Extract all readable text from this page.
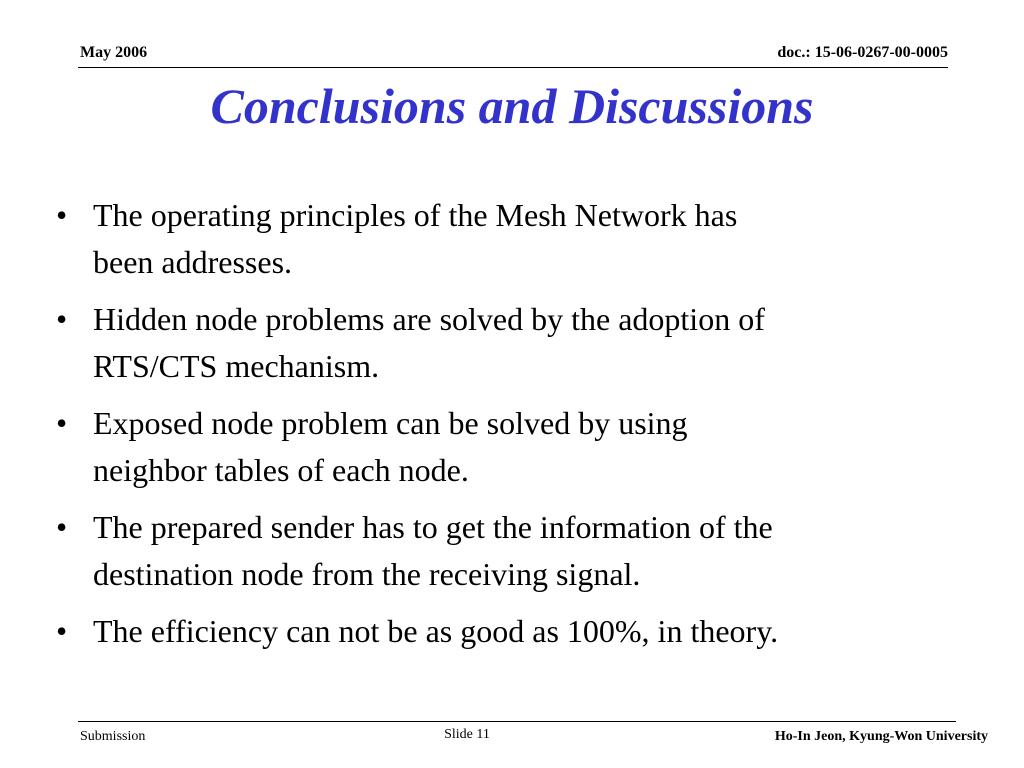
May 2006	doc.: 15-06-0267-00-0005
Conclusions and Discussions
• The operating principles of the Mesh Network has
been addresses.
• Hidden node problems are solved by the adoption of
RTS/CTS mechanism.
• Exposed node problem can be solved by using
neighbor tables of each node.
• The prepared sender has to get the information of the
destination node from the receiving signal.
• The efficiency can not be as good as 100%, in theory.
Submission	Slide 11	Ho-In Jeon, Kyung-Won University
